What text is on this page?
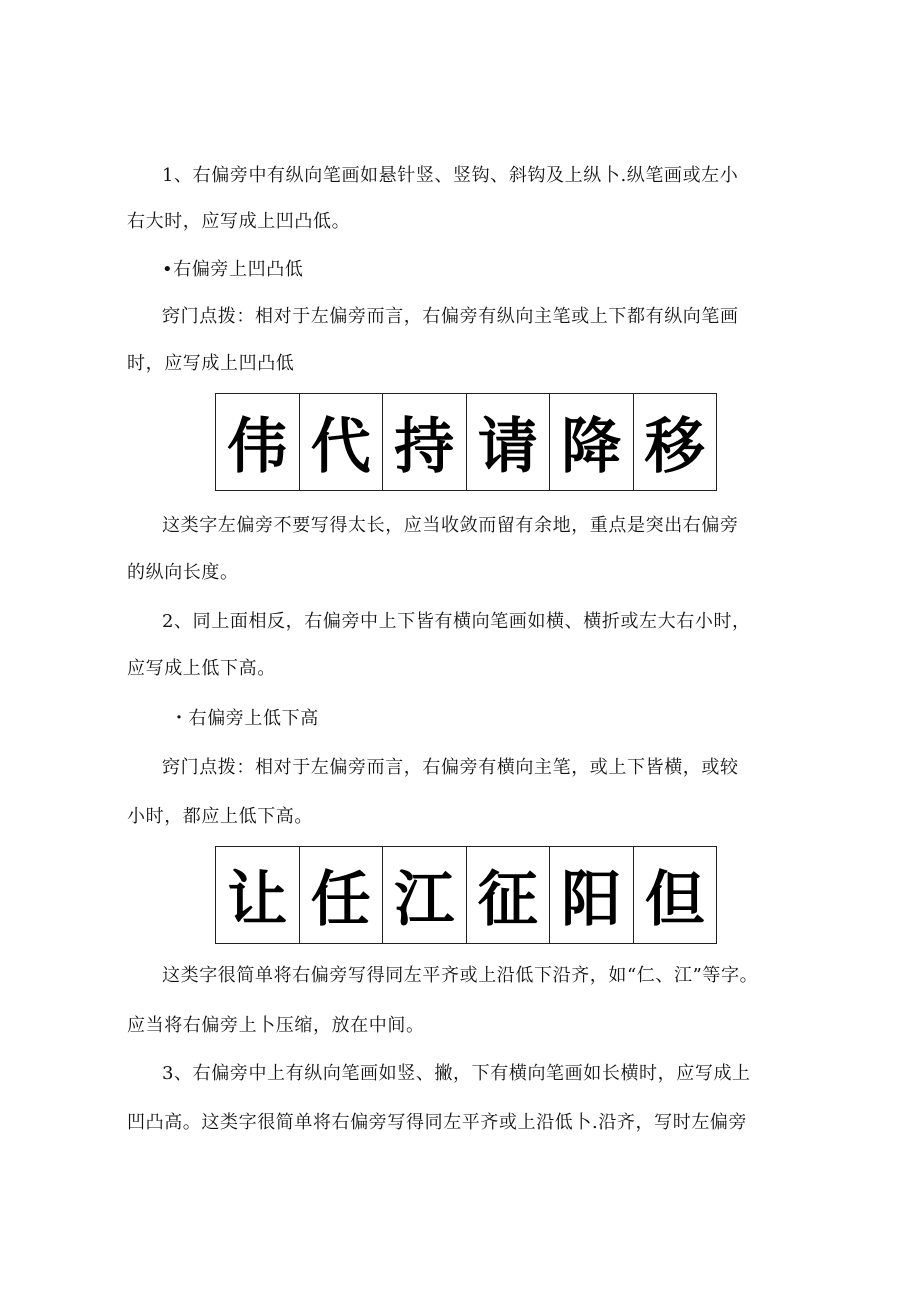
1、右偏旁中有纵向笔画如悬针竖、竖钩、斜钩及上纵卜.纵笔画或左小
右大时，应写成上凹凸低。
•右偏旁上凹凸低
窍门点拨：相对于左偏旁而言，右偏旁有纵向主笔或上下都有纵向笔画
时，应写成上凹凸低
伟 代 持 请 降 移
这类字左偏旁不要写得太长，应当收敛而留有余地，重点是突出右偏旁
的纵向长度。
2、同上面相反，右偏旁中上下皆有横向笔画如横、横折或左大右小时，
应写成上低下高。
・右偏旁上低下高
窍门点拨：相对于左偏旁而言，右偏旁有横向主笔，或上下皆横，或较
小时，都应上低下高。
让 任 江 征 阳 但
这类字很简单将右偏旁写得同左平齐或上沿低下沿齐，如“仁、江”等字。
应当将右偏旁上卜压缩，放在中间。
3、右偏旁中上有纵向笔画如竖、撇，下有横向笔画如长横时，应写成上
凹凸高。这类字很简单将右偏旁写得同左平齐或上沿低卜.沿齐，写时左偏旁
